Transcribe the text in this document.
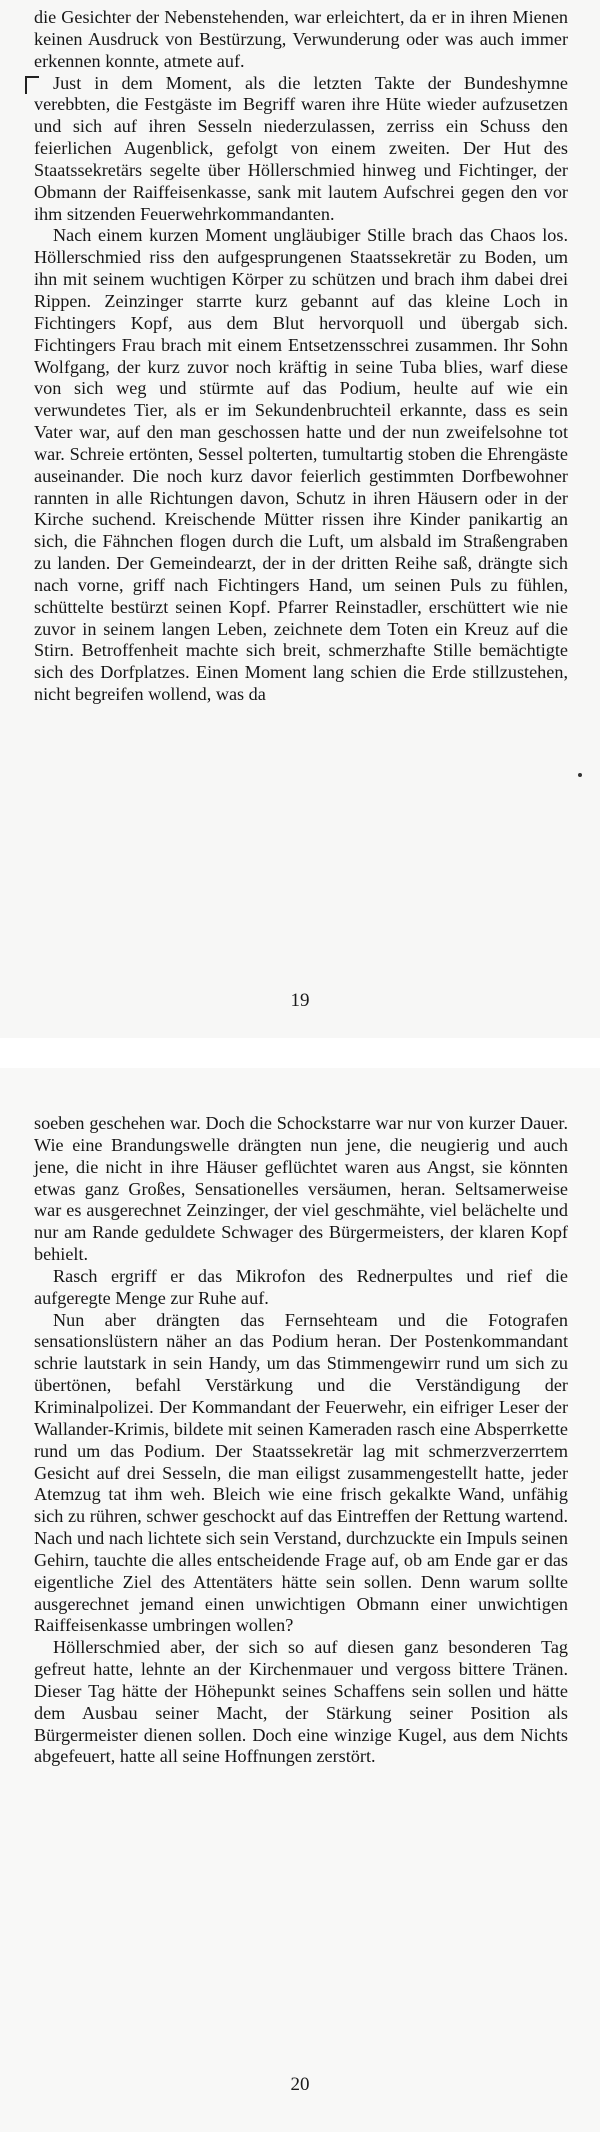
die Gesichter der Nebenstehenden, war erleichtert, da er in ihren Mienen keinen Ausdruck von Bestürzung, Verwunderung oder was auch immer erkennen konnte, atmete auf.

Just in dem Moment, als die letzten Takte der Bundeshymne verebbten, die Festgäste im Begriff waren ihre Hüte wieder aufzusetzen und sich auf ihren Sesseln niederzulassen, zerriss ein Schuss den feierlichen Augenblick, gefolgt von einem zweiten. Der Hut des Staatssekretärs segelte über Höllerschmied hinweg und Fichtinger, der Obmann der Raiffeisenkasse, sank mit lautem Aufschrei gegen den vor ihm sitzenden Feuerwehrkommandanten.

Nach einem kurzen Moment ungläubiger Stille brach das Chaos los. Höllerschmied riss den aufgesprungenen Staatssekretär zu Boden, um ihn mit seinem wuchtigen Körper zu schützen und brach ihm dabei drei Rippen. Zeinzinger starrte kurz gebannt auf das kleine Loch in Fichtingers Kopf, aus dem Blut hervorquoll und übergab sich. Fichtingers Frau brach mit einem Entsetzensschrei zusammen. Ihr Sohn Wolfgang, der kurz zuvor noch kräftig in seine Tuba blies, warf diese von sich weg und stürmte auf das Podium, heulte auf wie ein verwundetes Tier, als er im Sekundenbruchteil erkannte, dass es sein Vater war, auf den man geschossen hatte und der nun zweifelsohne tot war. Schreie ertönten, Sessel polterten, tumultartig stoben die Ehrengäste auseinander. Die noch kurz davor feierlich gestimmten Dorfbewohner rannten in alle Richtungen davon, Schutz in ihren Häusern oder in der Kirche suchend. Kreischende Mütter rissen ihre Kinder panikartig an sich, die Fähnchen flogen durch die Luft, um alsbald im Straßengraben zu landen. Der Gemeindearzt, der in der dritten Reihe saß, drängte sich nach vorne, griff nach Fichtingers Hand, um seinen Puls zu fühlen, schüttelte bestürzt seinen Kopf. Pfarrer Reinstadler, erschüttert wie nie zuvor in seinem langen Leben, zeichnete dem Toten ein Kreuz auf die Stirn. Betroffenheit machte sich breit, schmerzhafte Stille bemächtigte sich des Dorfplatzes. Einen Moment lang schien die Erde stillzustehen, nicht begreifen wollend, was da

19

soeben geschehen war. Doch die Schockstarre war nur von kurzer Dauer. Wie eine Brandungswelle drängten nun jene, die neugierig und auch jene, die nicht in ihre Häuser geflüchtet waren aus Angst, sie könnten etwas ganz Großes, Sensationelles versäumen, heran. Seltsamerweise war es ausgerechnet Zeinzinger, der viel geschmähte, viel belächelte und nur am Rande geduldete Schwager des Bürgermeisters, der klaren Kopf behielt.

Rasch ergriff er das Mikrofon des Rednerpultes und rief die aufgeregte Menge zur Ruhe auf.

Nun aber drängten das Fernsehteam und die Fotografen sensationslüstern näher an das Podium heran. Der Postenkommandant schrie lautstark in sein Handy, um das Stimmengewirr rund um sich zu übertönen, befahl Verstärkung und die Verständigung der Kriminalpolizei. Der Kommandant der Feuerwehr, ein eifriger Leser der Wallander-Krimis, bildete mit seinen Kameraden rasch eine Absperrkette rund um das Podium. Der Staatssekretär lag mit schmerzverzerrtem Gesicht auf drei Sesseln, die man eiligst zusammengestellt hatte, jeder Atemzug tat ihm weh. Bleich wie eine frisch gekalkte Wand, unfähig sich zu rühren, schwer geschockt auf das Eintreffen der Rettung wartend. Nach und nach lichtete sich sein Verstand, durchzuckte ein Impuls seinen Gehirn, tauchte die alles entscheidende Frage auf, ob am Ende gar er das eigentliche Ziel des Attentäters hätte sein sollen. Denn warum sollte ausgerechnet jemand einen unwichtigen Obmann einer unwichtigen Raiffeisenkasse umbringen wollen?

Höllerschmied aber, der sich so auf diesen ganz besonderen Tag gefreut hatte, lehnte an der Kirchenmauer und vergoss bittere Tränen. Dieser Tag hätte der Höhepunkt seines Schaffens sein sollen und hätte dem Ausbau seiner Macht, der Stärkung seiner Position als Bürgermeister dienen sollen. Doch eine winzige Kugel, aus dem Nichts abgefeuert, hatte all seine Hoffnungen zerstört.

20
